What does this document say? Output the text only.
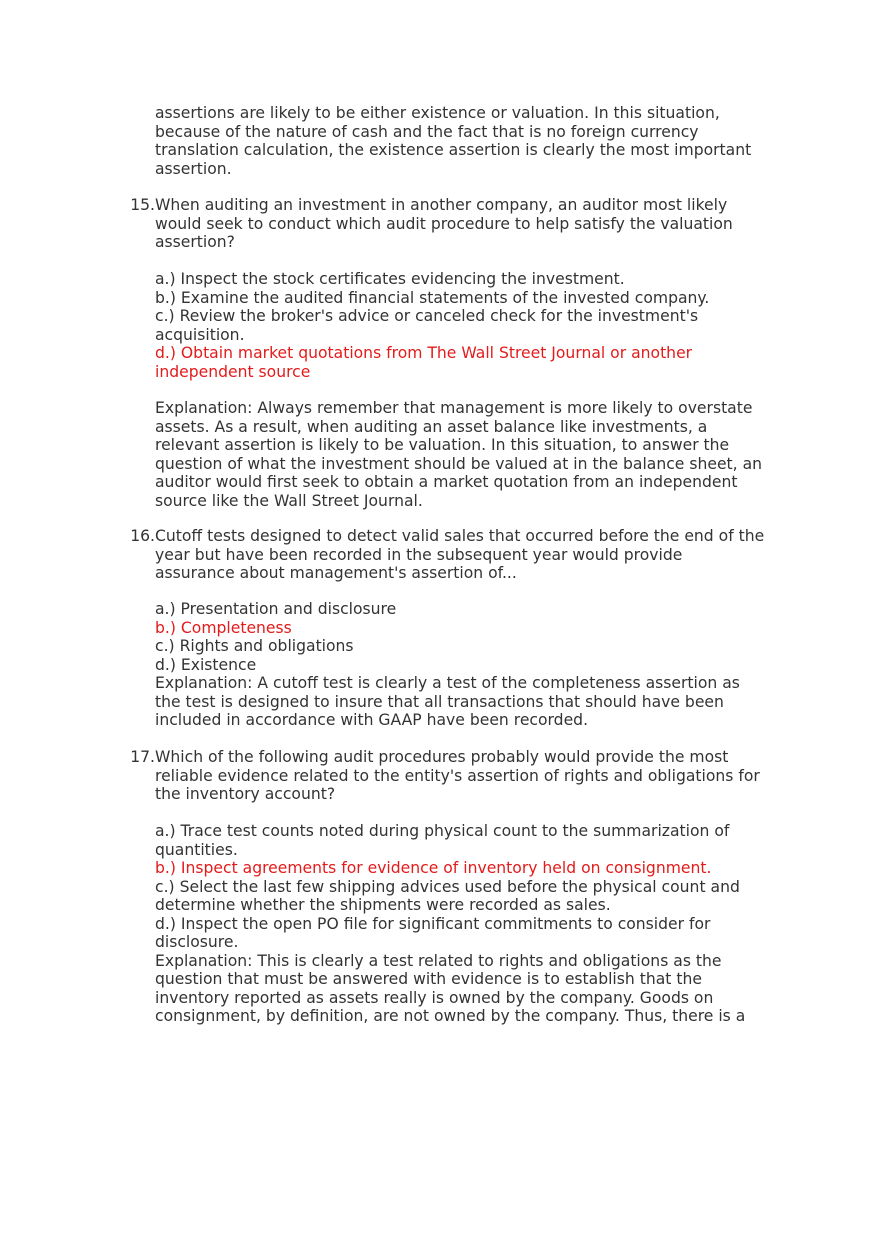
assertions are likely to be either existence or valuation. In this situation,
because of the nature of cash and the fact that is no foreign currency
translation calculation, the existence assertion is clearly the most important
assertion.
15. When auditing an investment in another company, an auditor most likely
would seek to conduct which audit procedure to help satisfy the valuation
assertion?
a.) Inspect the stock certificates evidencing the investment.
b.) Examine the audited financial statements of the invested company.
c.) Review the broker's advice or canceled check for the investment's
acquisition.
d.) Obtain market quotations from The Wall Street Journal or another
independent source
Explanation: Always remember that management is more likely to overstate
assets. As a result, when auditing an asset balance like investments, a
relevant assertion is likely to be valuation. In this situation, to answer the
question of what the investment should be valued at in the balance sheet, an
auditor would first seek to obtain a market quotation from an independent
source like the Wall Street Journal.
16. Cutoff tests designed to detect valid sales that occurred before the end of the
year but have been recorded in the subsequent year would provide
assurance about management's assertion of...
a.) Presentation and disclosure
b.) Completeness
c.) Rights and obligations
d.) Existence
Explanation: A cutoff test is clearly a test of the completeness assertion as
the test is designed to insure that all transactions that should have been
included in accordance with GAAP have been recorded.
17. Which of the following audit procedures probably would provide the most
reliable evidence related to the entity's assertion of rights and obligations for
the inventory account?
a.) Trace test counts noted during physical count to the summarization of
quantities.
b.) Inspect agreements for evidence of inventory held on consignment.
c.) Select the last few shipping advices used before the physical count and
determine whether the shipments were recorded as sales.
d.) Inspect the open PO file for significant commitments to consider for
disclosure.
Explanation: This is clearly a test related to rights and obligations as the
question that must be answered with evidence is to establish that the
inventory reported as assets really is owned by the company. Goods on
consignment, by definition, are not owned by the company. Thus, there is a
